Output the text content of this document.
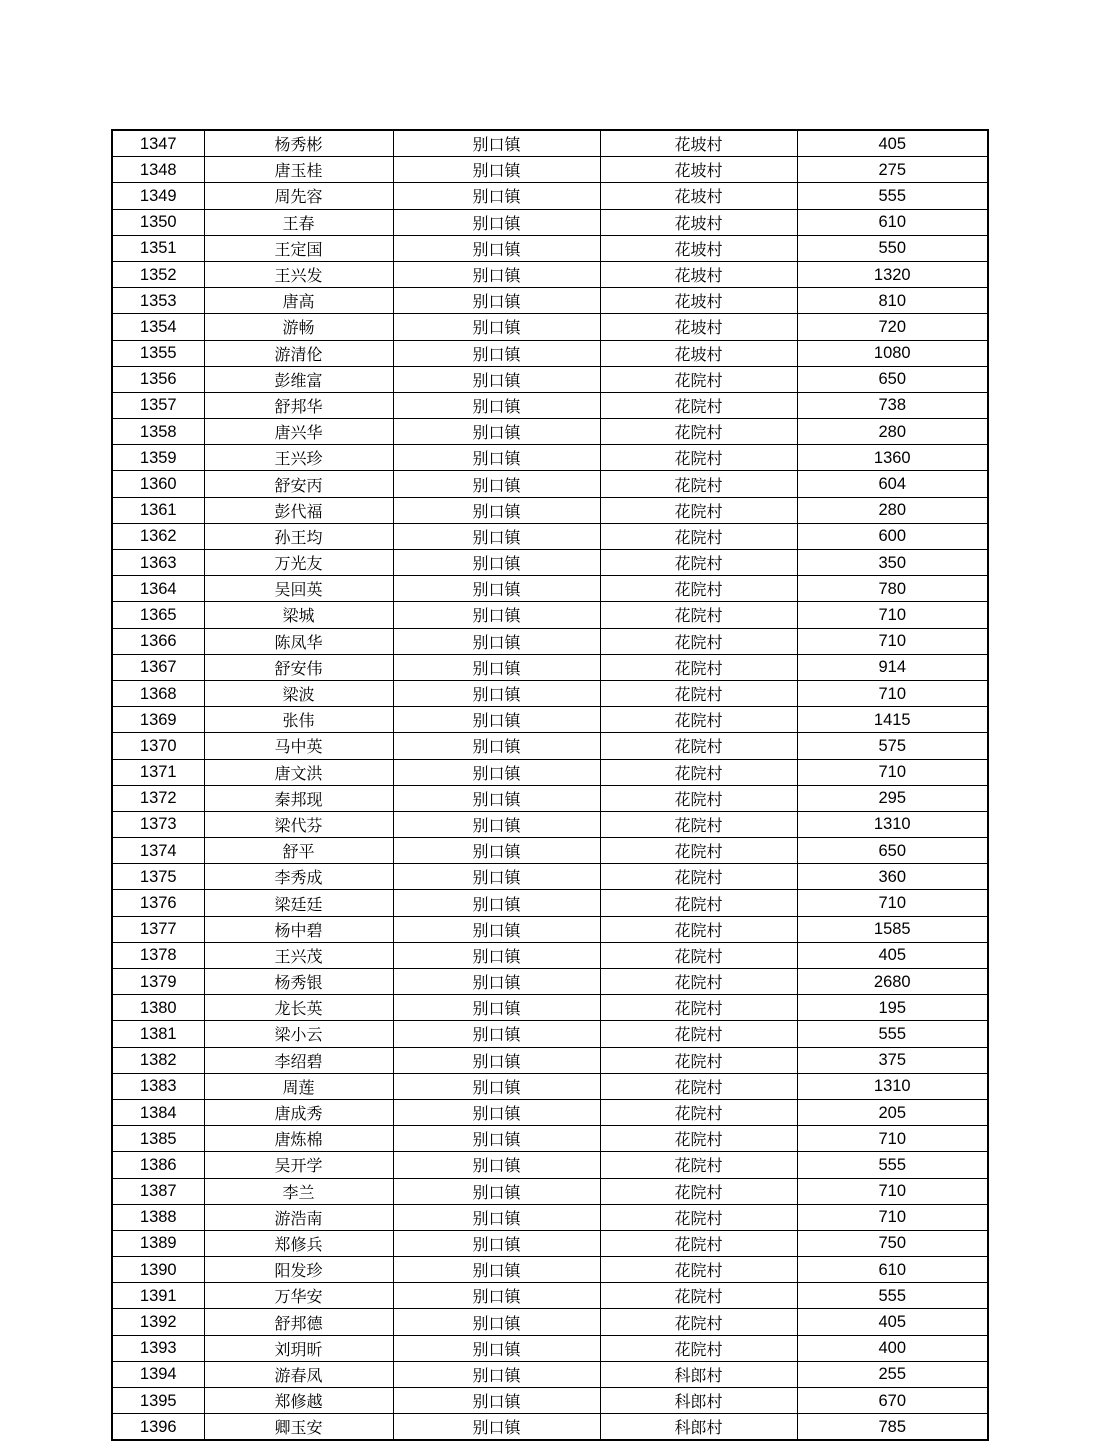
1347	杨秀彬	别口镇	花坡村	405
1348	唐玉桂	别口镇	花坡村	275
1349	周先容	别口镇	花坡村	555
1350	王春	别口镇	花坡村	610
1351	王定国	别口镇	花坡村	550
1352	王兴发	别口镇	花坡村	1320
1353	唐高	别口镇	花坡村	810
1354	游畅	别口镇	花坡村	720
1355	游清伦	别口镇	花坡村	1080
1356	彭维富	别口镇	花院村	650
1357	舒邦华	别口镇	花院村	738
1358	唐兴华	别口镇	花院村	280
1359	王兴珍	别口镇	花院村	1360
1360	舒安丙	别口镇	花院村	604
1361	彭代福	别口镇	花院村	280
1362	孙王均	别口镇	花院村	600
1363	万光友	别口镇	花院村	350
1364	吴回英	别口镇	花院村	780
1365	梁城	别口镇	花院村	710
1366	陈凤华	别口镇	花院村	710
1367	舒安伟	别口镇	花院村	914
1368	梁波	别口镇	花院村	710
1369	张伟	别口镇	花院村	1415
1370	马中英	别口镇	花院村	575
1371	唐文洪	别口镇	花院村	710
1372	秦邦现	别口镇	花院村	295
1373	梁代芬	别口镇	花院村	1310
1374	舒平	别口镇	花院村	650
1375	李秀成	别口镇	花院村	360
1376	梁廷廷	别口镇	花院村	710
1377	杨中碧	别口镇	花院村	1585
1378	王兴茂	别口镇	花院村	405
1379	杨秀银	别口镇	花院村	2680
1380	龙长英	别口镇	花院村	195
1381	梁小云	别口镇	花院村	555
1382	李绍碧	别口镇	花院村	375
1383	周莲	别口镇	花院村	1310
1384	唐成秀	别口镇	花院村	205
1385	唐炼棉	别口镇	花院村	710
1386	吴开学	别口镇	花院村	555
1387	李兰	别口镇	花院村	710
1388	游浩南	别口镇	花院村	710
1389	郑修兵	别口镇	花院村	750
1390	阳发珍	别口镇	花院村	610
1391	万华安	别口镇	花院村	555
1392	舒邦德	别口镇	花院村	405
1393	刘玥昕	别口镇	花院村	400
1394	游春凤	别口镇	科郎村	255
1395	郑修越	别口镇	科郎村	670
1396	卿玉安	别口镇	科郎村	785
